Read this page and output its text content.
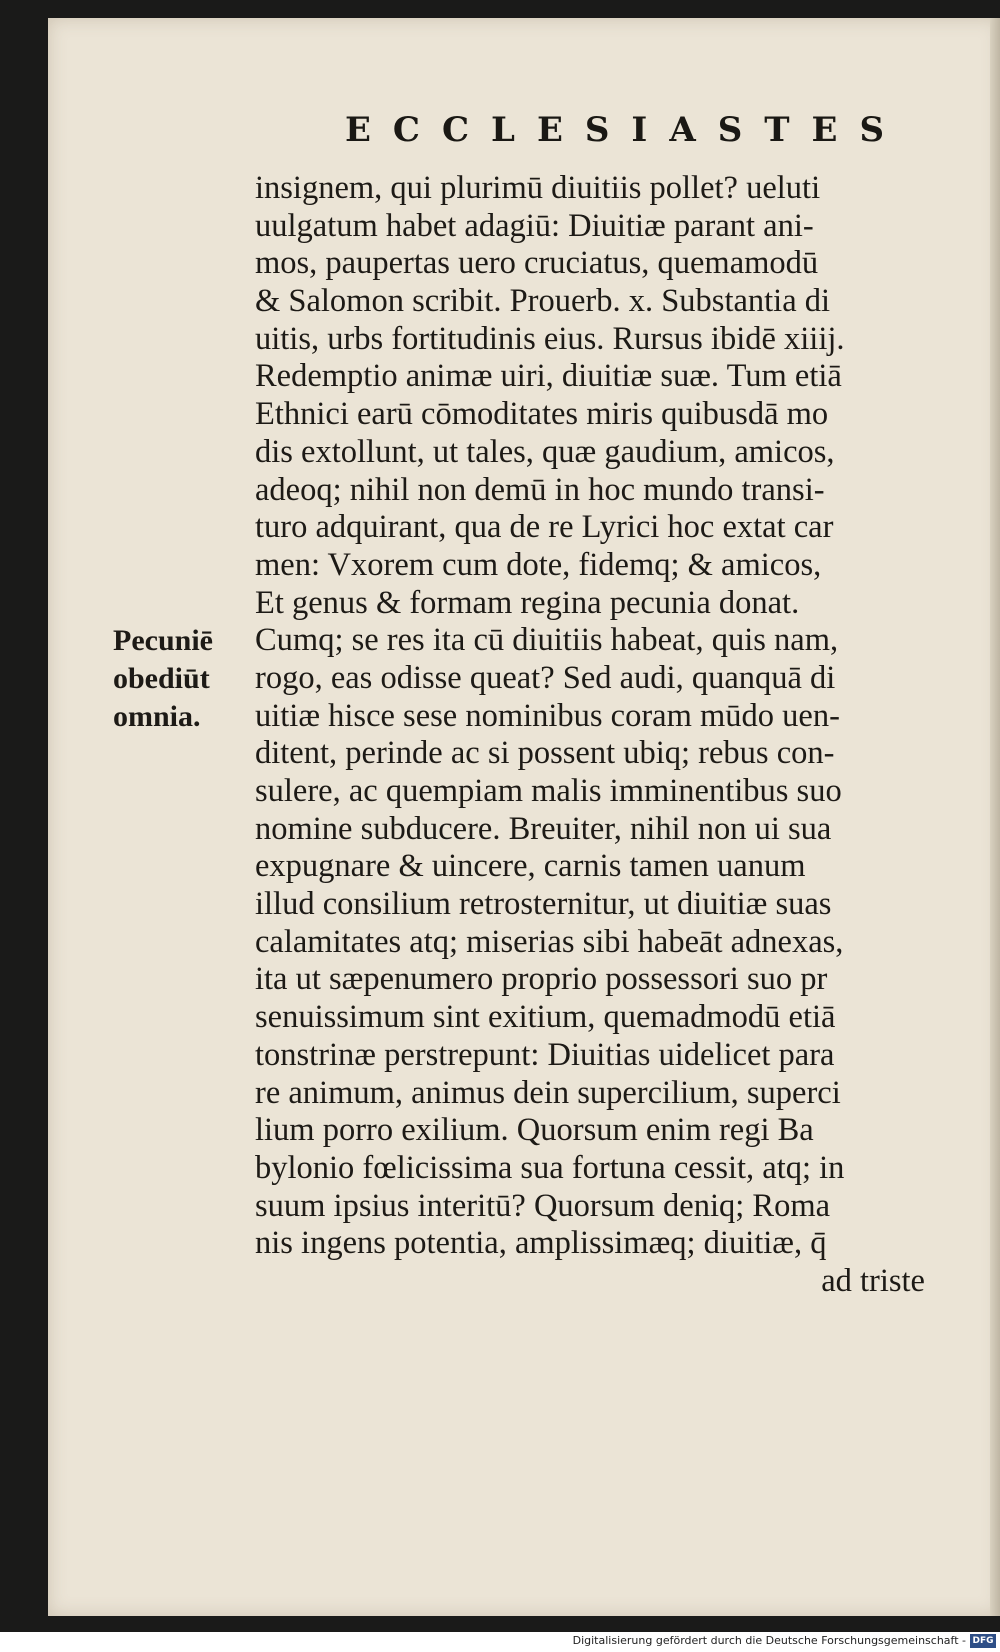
ECCLESIASTES
insignem, qui plurimū diuitiis pollet? ueluti
uulgatum habet adagiū: Diuitiæ parant ani-
mos, paupertas uero cruciatus, quemamodū
& Salomon scribit. Prouerb. x. Substantia di
uitis, urbs fortitudinis eius. Rursus ibidē xiiij.
Redemptio animæ uiri, diuitiæ suæ. Tum etiā
Ethnici earū cōmoditates miris quibusdā mo
dis extollunt, ut tales, quæ gaudium, amicos,
adeoq; nihil non demū in hoc mundo transi-
turo adquirant, qua de re Lyrici hoc extat car
men: Vxorem cum dote, fidemq; & amicos,
Et genus & formam regina pecunia donat.
Cumq; se res ita cū diuitiis habeat, quis nam,
rogo, eas odisse queat? Sed audi, quanquā di
uitiæ hisce sese nominibus coram mūdo uen-
ditent, perinde ac si possent ubiq; rebus con-
sulere, ac quempiam malis imminentibus suo
nomine subducere. Breuiter, nihil non ui sua
expugnare & uincere, carnis tamen uanum
illud consilium retrosternitur, ut diuitiæ suas
calamitates atq; miserias sibi habeāt adnexas,
ita ut sæpenumero proprio possessori suo pr
senuissimum sint exitium, quemadmodū etiā
tonstrinæ perstrepunt: Diuitias uidelicet para
re animum, animus dein supercilium, superci
lium porro exilium. Quorsum enim regi Ba
bylonio fœlicissima sua fortuna cessit, atq; in
suum ipsius interitū? Quorsum deniq; Roma
nis ingens potentia, amplissimæq; diuitiæ, q̄
ad triste
Pecuniē
obediūt
omnia.
Digitalisierung gefördert durch die Deutsche Forschungsgemeinschaft - DFG
